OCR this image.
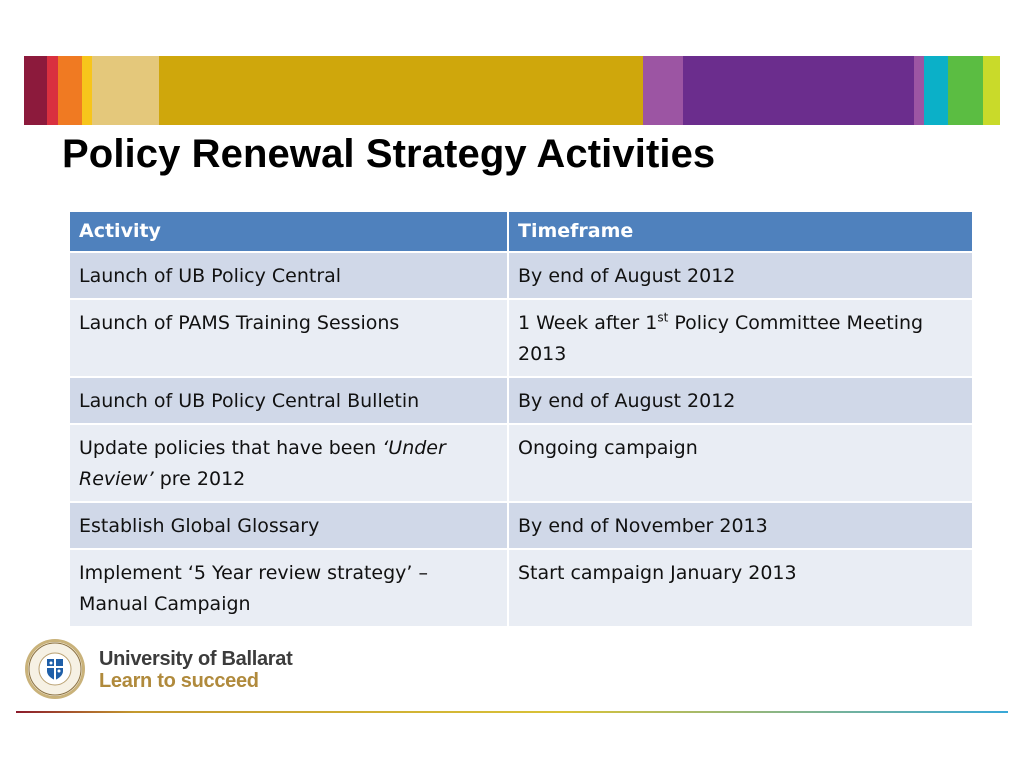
Policy Renewal Strategy Activities
Activity	Timeframe
Launch of UB Policy Central	By end of August 2012
Launch of PAMS Training Sessions	1 Week after 1st Policy Committee Meeting 2013
Launch of UB Policy Central Bulletin	By end of August 2012
Update policies that have been ‘Under Review’ pre 2012	Ongoing campaign
Establish Global Glossary	By end of November 2013
Implement ‘5 Year review strategy’ – Manual Campaign	Start campaign January 2013
University of Ballarat
Learn to succeed
